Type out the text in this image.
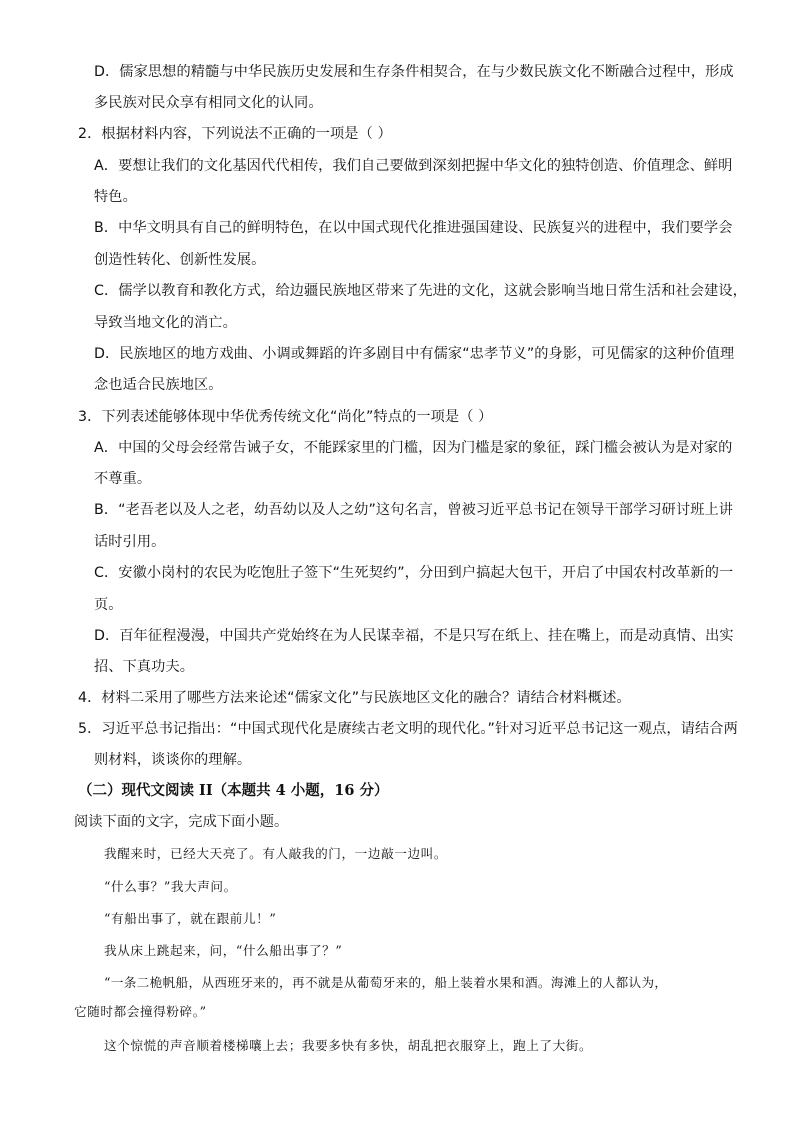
D．儒家思想的精髓与中华民族历史发展和生存条件相契合，在与少数民族文化不断融合过程中，形成
多民族对民众享有相同文化的认同。
2．根据材料内容，下列说法不正确的一项是（ ）
A．要想让我们的文化基因代代相传，我们自己要做到深刻把握中华文化的独特创造、价值理念、鲜明
特色。
B．中华文明具有自己的鲜明特色，在以中国式现代化推进强国建设、民族复兴的进程中，我们要学会
创造性转化、创新性发展。
C．儒学以教育和教化方式，给边疆民族地区带来了先进的文化，这就会影响当地日常生活和社会建设，
导致当地文化的消亡。
D．民族地区的地方戏曲、小调或舞蹈的许多剧目中有儒家“忠孝节义”的身影，可见儒家的这种价值理
念也适合民族地区。
3．下列表述能够体现中华优秀传统文化“尚化”特点的一项是（ ）
A．中国的父母会经常告诫子女，不能踩家里的门槛，因为门槛是家的象征，踩门槛会被认为是对家的
不尊重。
B．“老吾老以及人之老，幼吾幼以及人之幼”这句名言，曾被习近平总书记在领导干部学习研讨班上讲
话时引用。
C．安徽小岗村的农民为吃饱肚子签下“生死契约”，分田到户搞起大包干，开启了中国农村改革新的一
页。
D．百年征程漫漫，中国共产党始终在为人民谋幸福，不是只写在纸上、挂在嘴上，而是动真情、出实
招、下真功夫。
4．材料二采用了哪些方法来论述“儒家文化”与民族地区文化的融合？请结合材料概述。
5．习近平总书记指出：“中国式现代化是赓续古老文明的现代化。”针对习近平总书记这一观点，请结合两
则材料，谈谈你的理解。
（二）现代文阅读 II（本题共 4 小题，16 分）
阅读下面的文字，完成下面小题。
我醒来时，已经大天亮了。有人敲我的门，一边敲一边叫。
“什么事？”我大声问。
“有船出事了，就在跟前儿！”
我从床上跳起来，问，“什么船出事了？”
“一条二桅帆船，从西班牙来的，再不就是从葡萄牙来的，船上装着水果和酒。海滩上的人都认为，
它随时都会撞得粉碎。”
这个惊慌的声音顺着楼梯嚷上去；我要多快有多快，胡乱把衣服穿上，跑上了大街。
